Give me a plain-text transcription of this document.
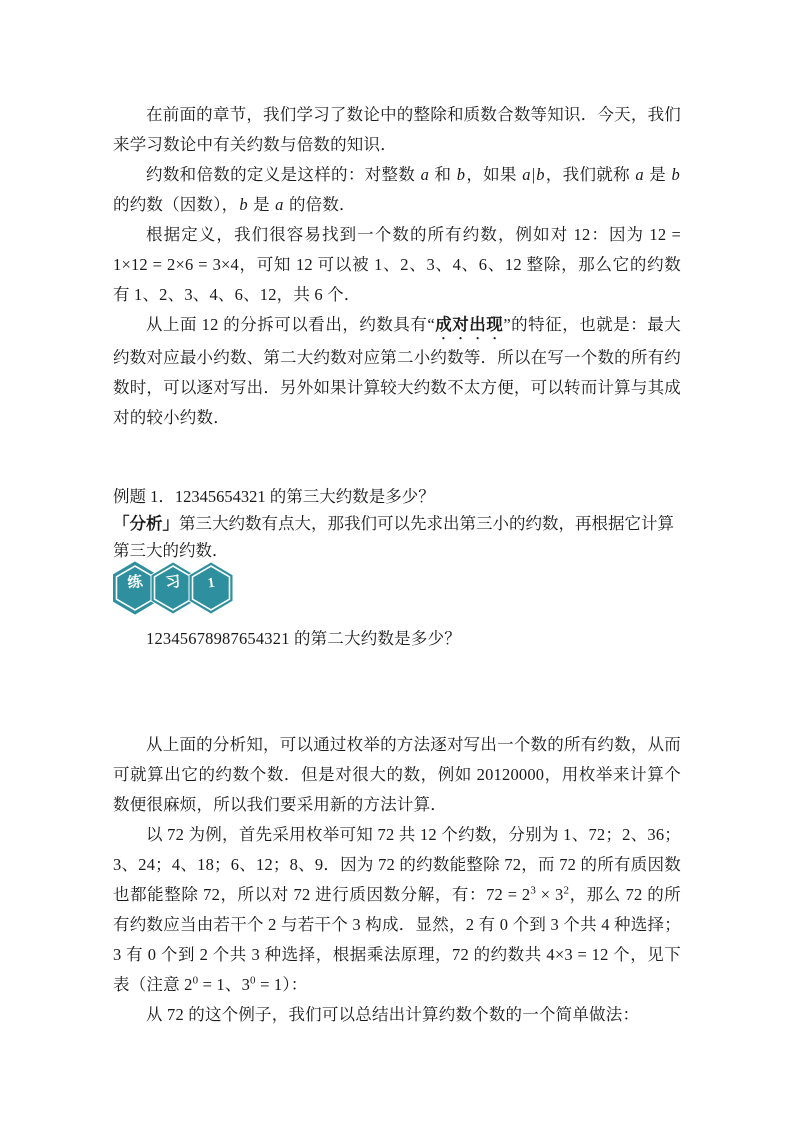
在前面的章节，我们学习了数论中的整除和质数合数等知识．今天，我们来学习数论中有关约数与倍数的知识．

约数和倍数的定义是这样的：对整数 a 和 b，如果 a|b，我们就称 a 是 b 的约数（因数），b 是 a 的倍数．

根据定义，我们很容易找到一个数的所有约数，例如对 12：因为 12 = 1×12 = 2×6 = 3×4，可知 12 可以被 1、2、3、4、6、12 整除，那么它的约数有 1、2、3、4、6、12，共 6 个．

从上面 12 的分拆可以看出，约数具有“成对出现”的特征，也就是：最大约数对应最小约数、第二大约数对应第二小约数等．所以在写一个数的所有约数时，可以逐对写出．另外如果计算较大约数不太方便，可以转而计算与其成对的较小约数．

例题 1．12345654321 的第三大约数是多少？

「分析」第三大约数有点大，那我们可以先求出第三小的约数，再根据它计算第三大的约数．

练 习 1

12345678987654321 的第二大约数是多少？

从上面的分析知，可以通过枚举的方法逐对写出一个数的所有约数，从而可就算出它的约数个数．但是对很大的数，例如 20120000，用枚举来计算个数便很麻烦，所以我们要采用新的方法计算．

以 72 为例，首先采用枚举可知 72 共 12 个约数，分别为 1、72；2、36；3、24；4、18；6、12；8、9．因为 72 的约数能整除 72，而 72 的所有质因数也都能整除 72，所以对 72 进行质因数分解，有：$72 = 2^3 \times 3^2$，那么 72 的所有约数应当由若干个 2 与若干个 3 构成．显然，2 有 0 个到 3 个共 4 种选择；3 有 0 个到 2 个共 3 种选择，根据乘法原理，72 的约数共 4×3 = 12 个，见下表（注意 $2^0 = 1$、$3^0 = 1$）：

从 72 的这个例子，我们可以总结出计算约数个数的一个简单做法：
